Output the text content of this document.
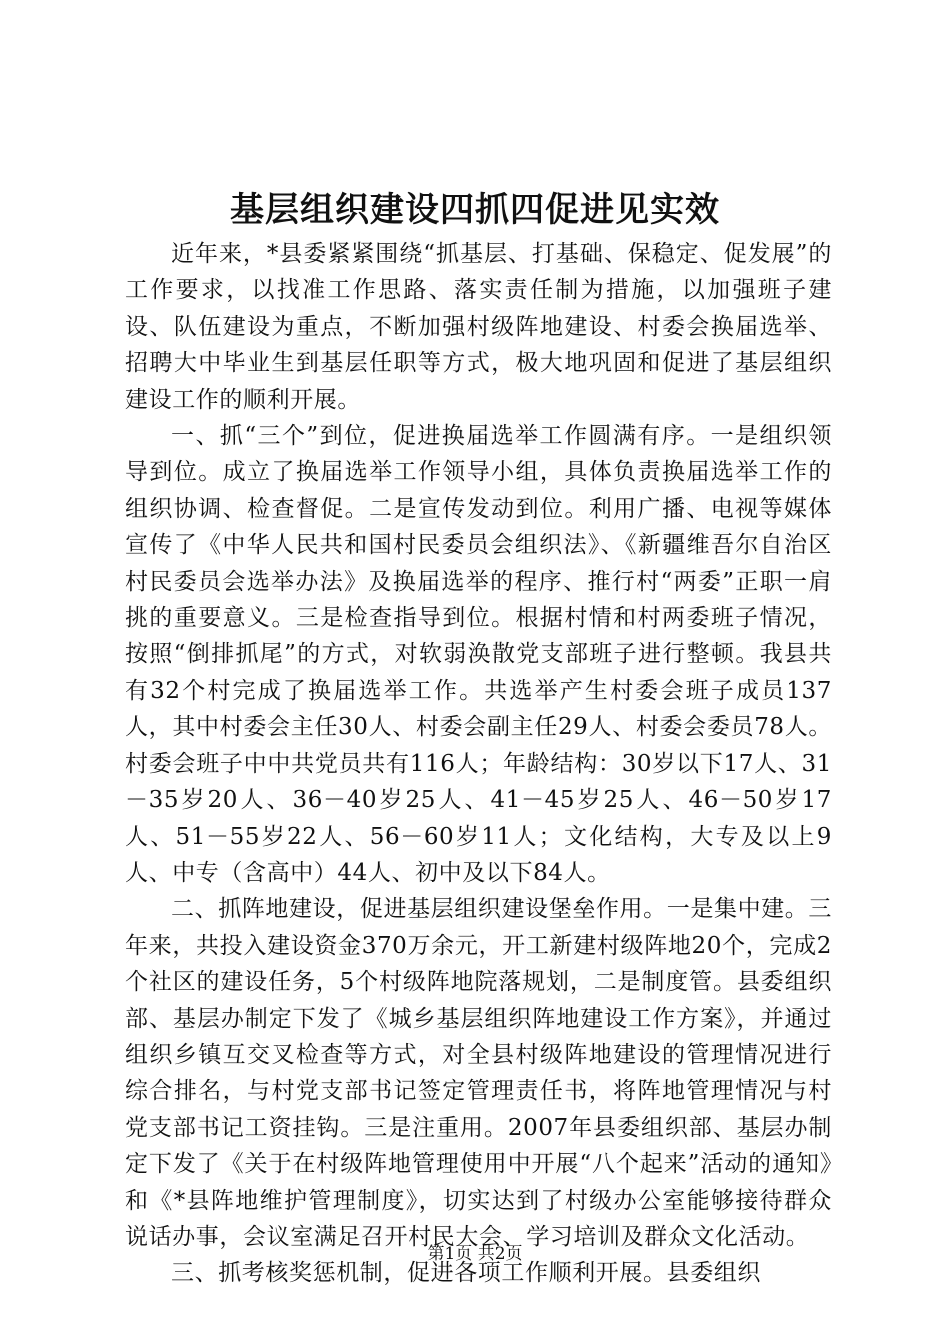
基层组织建设四抓四促进见实效

近年来，*县委紧紧围绕“抓基层、打基础、保稳定、促发展”的工作要求，以找准工作思路、落实责任制为措施，以加强班子建设、队伍建设为重点，不断加强村级阵地建设、村委会换届选举、招聘大中毕业生到基层任职等方式，极大地巩固和促进了基层组织建设工作的顺利开展。

一、抓“三个”到位，促进换届选举工作圆满有序。一是组织领导到位。成立了换届选举工作领导小组，具体负责换届选举工作的组织协调、检查督促。二是宣传发动到位。利用广播、电视等媒体宣传了《中华人民共和国村民委员会组织法》、《新疆维吾尔自治区村民委员会选举办法》及换届选举的程序、推行村“两委”正职一肩挑的重要意义。三是检查指导到位。根据村情和村两委班子情况，按照“倒排抓尾”的方式，对软弱涣散党支部班子进行整顿。我县共有32个村完成了换届选举工作。共选举产生村委会班子成员137人，其中村委会主任30人、村委会副主任29人、村委会委员78人。村委会班子中中共党员共有116人；年龄结构：30岁以下17人、31－35岁20人、36－40岁25人、41－45岁25人、46－50岁17人、51－55岁22人、56－60岁11人；文化结构，大专及以上9人、中专（含高中）44人、初中及以下84人。

二、抓阵地建设，促进基层组织建设堡垒作用。一是集中建。三年来，共投入建设资金370万余元，开工新建村级阵地20个，完成2个社区的建设任务，5个村级阵地院落规划，二是制度管。县委组织部、基层办制定下发了《城乡基层组织阵地建设工作方案》，并通过组织乡镇互交叉检查等方式，对全县村级阵地建设的管理情况进行综合排名，与村党支部书记签定管理责任书，将阵地管理情况与村党支部书记工资挂钩。三是注重用。2007年县委组织部、基层办制定下发了《关于在村级阵地管理使用中开展“八个起来”活动的通知》和《*县阵地维护管理制度》，切实达到了村级办公室能够接待群众说话办事，会议室满足召开村民大会、学习培训及群众文化活动。

三、抓考核奖惩机制，促进各项工作顺利开展。县委组织

第1页 共2页
